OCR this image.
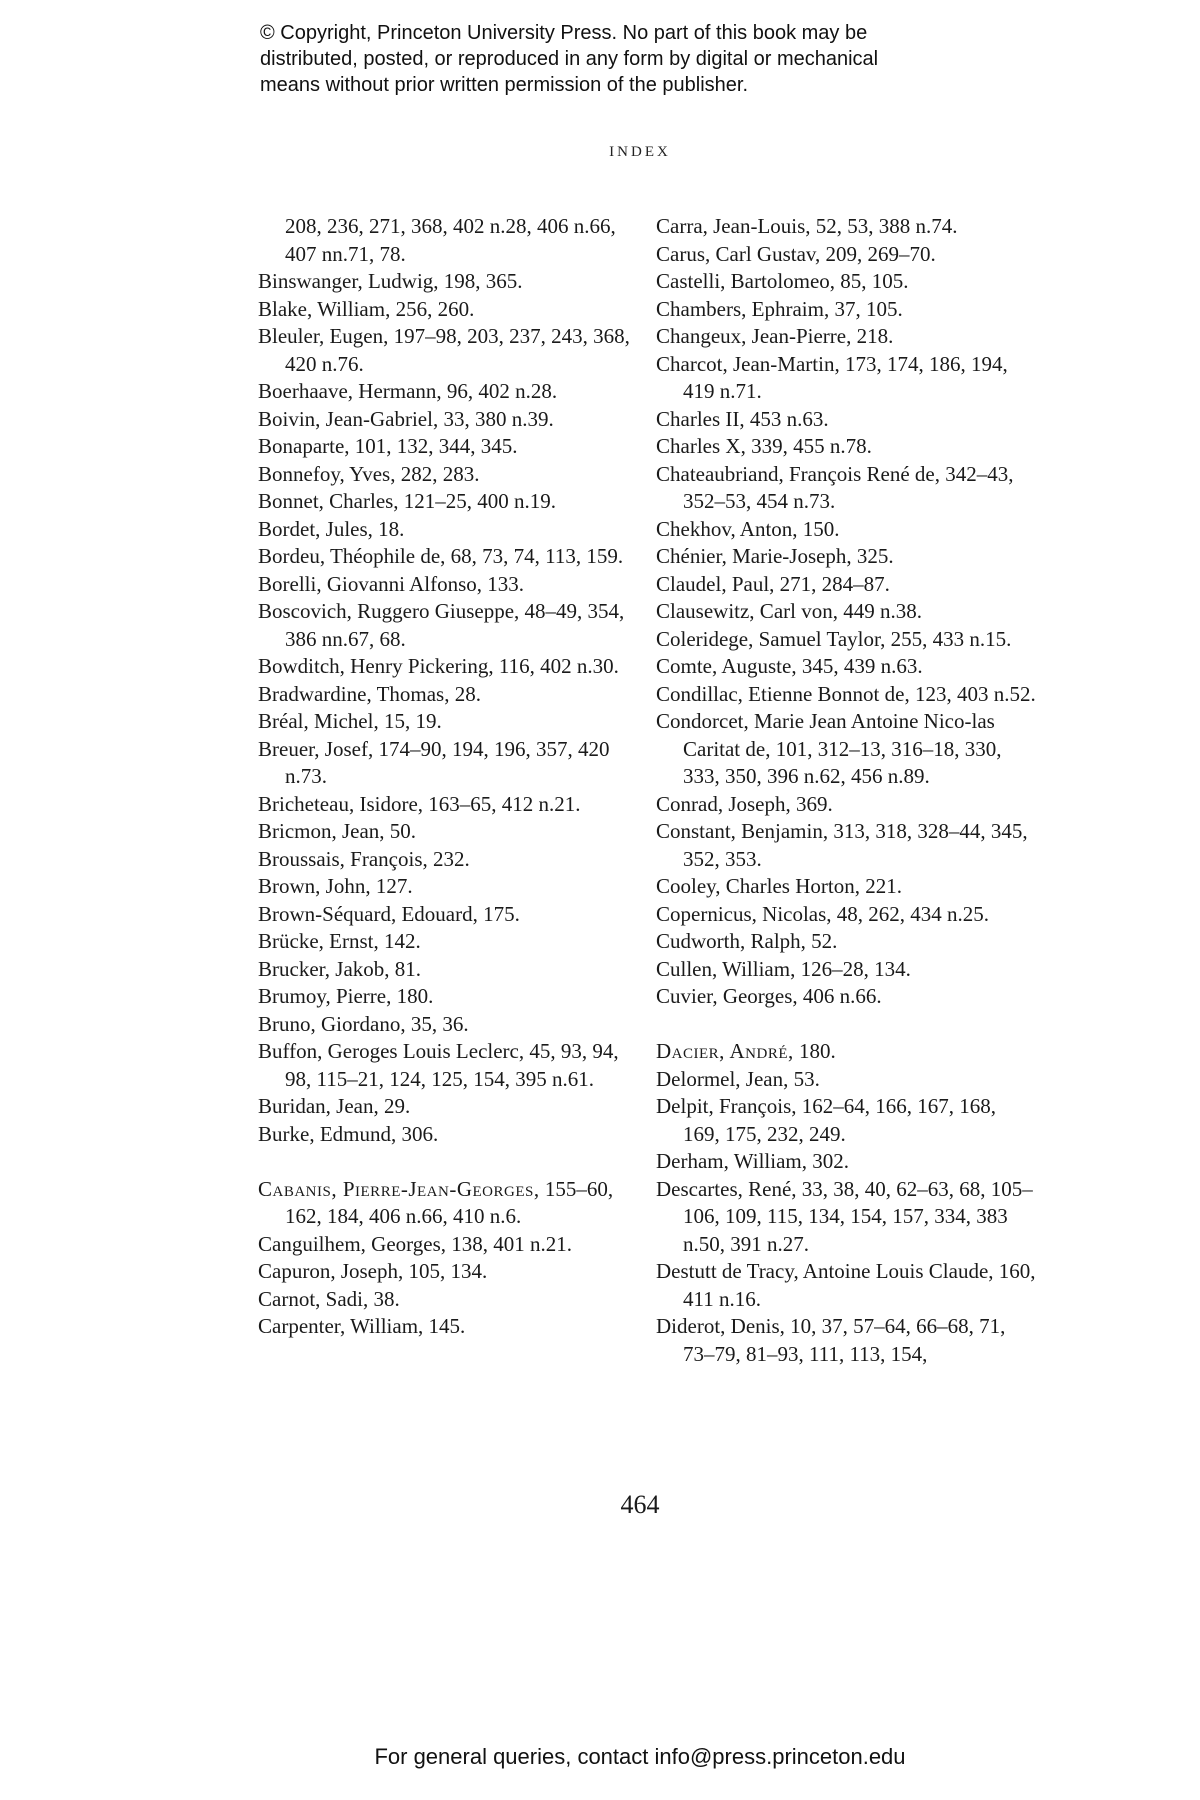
© Copyright, Princeton University Press. No part of this book may be
distributed, posted, or reproduced in any form by digital or mechanical
means without prior written permission of the publisher.
INDEX

208, 236, 271, 368, 402 n.28, 406 n.66, 407 nn.71, 78.

Binswanger, Ludwig, 198, 365.

Blake, William, 256, 260.

Bleuler, Eugen, 197–98, 203, 237, 243, 368, 420 n.76.

Boerhaave, Hermann, 96, 402 n.28.

Boivin, Jean-Gabriel, 33, 380 n.39.

Bonaparte, 101, 132, 344, 345.

Bonnefoy, Yves, 282, 283.

Bonnet, Charles, 121–25, 400 n.19.

Bordet, Jules, 18.

Bordeu, Théophile de, 68, 73, 74, 113, 159.

Borelli, Giovanni Alfonso, 133.

Boscovich, Ruggero Giuseppe, 48–49, 354, 386 nn.67, 68.

Bowditch, Henry Pickering, 116, 402 n.30.

Bradwardine, Thomas, 28.

Bréal, Michel, 15, 19.

Breuer, Josef, 174–90, 194, 196, 357, 420 n.73.

Bricheteau, Isidore, 163–65, 412 n.21.

Bricmon, Jean, 50.

Broussais, François, 232.

Brown, John, 127.

Brown-Séquard, Edouard, 175.

Brücke, Ernst, 142.

Brucker, Jakob, 81.

Brumoy, Pierre, 180.

Bruno, Giordano, 35, 36.

Buffon, Geroges Louis Leclerc, 45, 93, 94, 98, 115–21, 124, 125, 154, 395 n.61.

Buridan, Jean, 29.

Burke, Edmund, 306.

Cabanis, Pierre-Jean-Georges, 155–60, 162, 184, 406 n.66, 410 n.6.

Canguilhem, Georges, 138, 401 n.21.

Capuron, Joseph, 105, 134.

Carnot, Sadi, 38.

Carpenter, William, 145.

Carra, Jean-Louis, 52, 53, 388 n.74.

Carus, Carl Gustav, 209, 269–70.

Castelli, Bartolomeo, 85, 105.

Chambers, Ephraim, 37, 105.

Changeux, Jean-Pierre, 218.

Charcot, Jean-Martin, 173, 174, 186, 194, 419 n.71.

Charles II, 453 n.63.

Charles X, 339, 455 n.78.

Chateaubriand, François René de, 342–43, 352–53, 454 n.73.

Chekhov, Anton, 150.

Chénier, Marie-Joseph, 325.

Claudel, Paul, 271, 284–87.

Clausewitz, Carl von, 449 n.38.

Coleridege, Samuel Taylor, 255, 433 n.15.

Comte, Auguste, 345, 439 n.63.

Condillac, Etienne Bonnot de, 123, 403 n.52.

Condorcet, Marie Jean Antoine Nico-las Caritat de, 101, 312–13, 316–18, 330, 333, 350, 396 n.62, 456 n.89.

Conrad, Joseph, 369.

Constant, Benjamin, 313, 318, 328–44, 345, 352, 353.

Cooley, Charles Horton, 221.

Copernicus, Nicolas, 48, 262, 434 n.25.

Cudworth, Ralph, 52.

Cullen, William, 126–28, 134.

Cuvier, Georges, 406 n.66.

Dacier, André, 180.

Delormel, Jean, 53.

Delpit, François, 162–64, 166, 167, 168, 169, 175, 232, 249.

Derham, William, 302.

Descartes, René, 33, 38, 40, 62–63, 68, 105–106, 109, 115, 134, 154, 157, 334, 383 n.50, 391 n.27.

Destutt de Tracy, Antoine Louis Claude, 160, 411 n.16.

Diderot, Denis, 10, 37, 57–64, 66–68, 71, 73–79, 81–93, 111, 113, 154,

464
For general queries, contact info@press.princeton.edu
